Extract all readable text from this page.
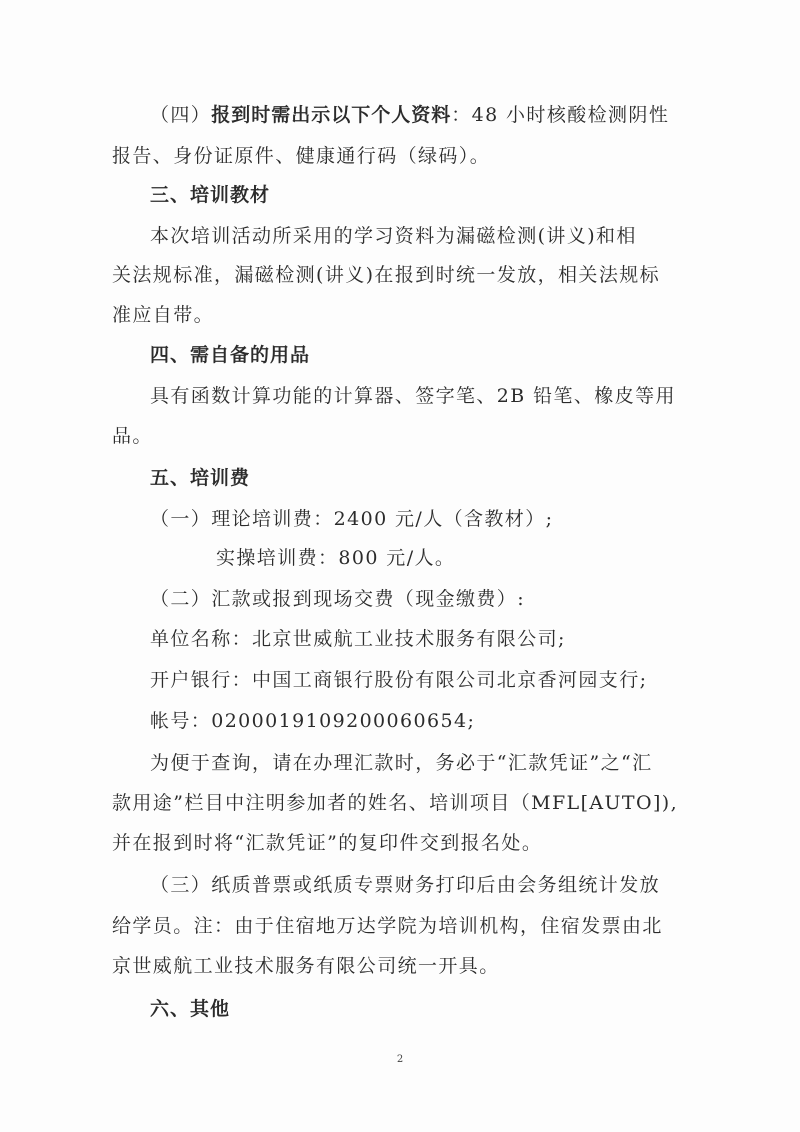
（四）报到时需出示以下个人资料：48 小时核酸检测阴性
报告、身份证原件、健康通行码（绿码）。
三、培训教材
本次培训活动所采用的学习资料为漏磁检测(讲义)和相
关法规标准，漏磁检测(讲义)在报到时统一发放，相关法规标
准应自带。
四、需自备的用品
具有函数计算功能的计算器、签字笔、2B 铅笔、橡皮等用
品。
五、培训费
（一）理论培训费：2400 元/人（含教材）;
实操培训费：800 元/人。
（二）汇款或报到现场交费（现金缴费）:
单位名称：北京世威航工业技术服务有限公司;
开户银行：中国工商银行股份有限公司北京香河园支行;
帐号：0200019109200060654;
为便于查询，请在办理汇款时，务必于“汇款凭证”之“汇
款用途”栏目中注明参加者的姓名、培训项目（MFL[AUTO]),
并在报到时将“汇款凭证”的复印件交到报名处。
（三）纸质普票或纸质专票财务打印后由会务组统计发放
给学员。注：由于住宿地万达学院为培训机构，住宿发票由北
京世威航工业技术服务有限公司统一开具。
六、其他
2
